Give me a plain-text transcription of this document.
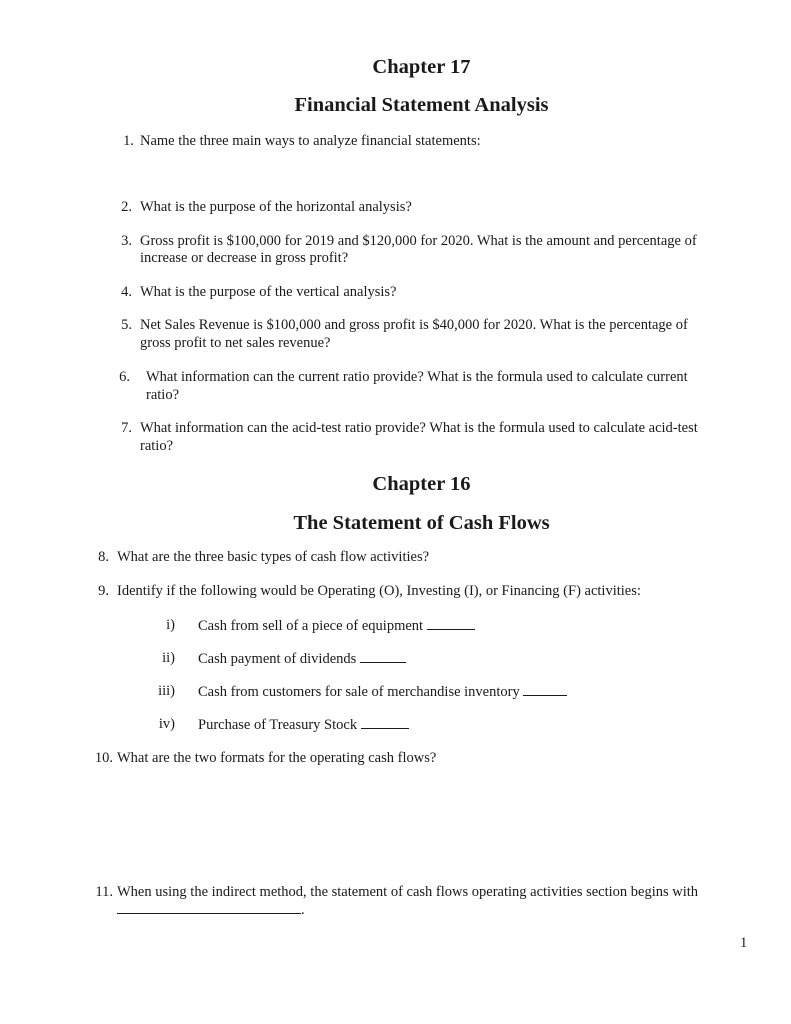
Chapter 17
Financial Statement Analysis
1. Name the three main ways to analyze financial statements:
2. What is the purpose of the horizontal analysis?
3. Gross profit is $100,000 for 2019 and $120,000 for 2020. What is the amount and percentage of
increase or decrease in gross profit?
4. What is the purpose of the vertical analysis?
5. Net Sales Revenue is $100,000 and gross profit is $40,000 for 2020. What is the percentage of
gross profit to net sales revenue?
6. What information can the current ratio provide? What is the formula used to calculate current
ratio?
7. What information can the acid-test ratio provide? What is the formula used to calculate acid-test
ratio?
Chapter 16
The Statement of Cash Flows
8. What are the three basic types of cash flow activities?
9. Identify if the following would be Operating (O), Investing (I), or Financing (F) activities:
i) Cash from sell of a piece of equipment
ii) Cash payment of dividends
iii) Cash from customers for sale of merchandise inventory
iv) Purchase of Treasury Stock
10. What are the two formats for the operating cash flows?
11. When using the indirect method, the statement of cash flows operating activities section begins with
.
1
